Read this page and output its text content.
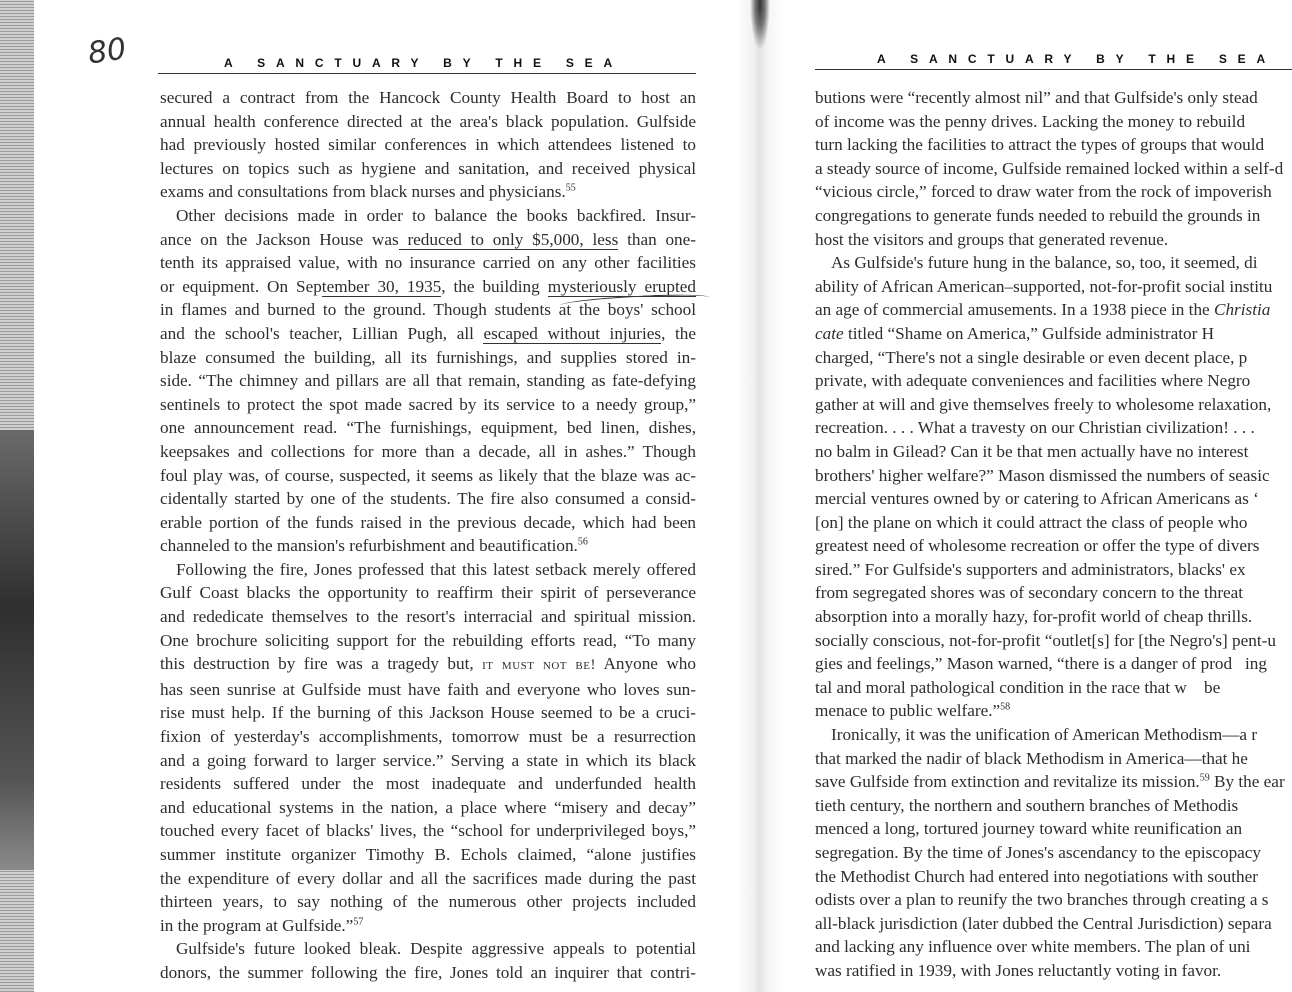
80	A SANCTUARY BY THE SEA	A SANCTUARY BY THE SEA

secured a contract from the Hancock County Health Board to host an

annual health conference directed at the area's black population. Gulfside

had previously hosted similar conferences in which attendees listened to

lectures on topics such as hygiene and sanitation, and received physical

exams and consultations from black nurses and physicians.$^{55}$

Other decisions made in order to balance the books backfired. Insur-

ance on the Jackson House was reduced to only $5,000, less than one-

tenth its appraised value, with no insurance carried on any other facilities

or equipment. On September 30, 1935, the building mysteriously erupted

in flames and burned to the ground. Though students at the boys' school

and the school's teacher, Lillian Pugh, all escaped without injuries, the

blaze consumed the building, all its furnishings, and supplies stored in-

side. “The chimney and pillars are all that remain, standing as fate-defying

sentinels to protect the spot made sacred by its service to a needy group,”

one announcement read. “The furnishings, equipment, bed linen, dishes,

keepsakes and collections for more than a decade, all in ashes.” Though

foul play was, of course, suspected, it seems as likely that the blaze was ac-

cidentally started by one of the students. The fire also consumed a consid-

erable portion of the funds raised in the previous decade, which had been

channeled to the mansion's refurbishment and beautification.$^{56}$

Following the fire, Jones professed that this latest setback merely offered

Gulf Coast blacks the opportunity to reaffirm their spirit of perseverance

and rededicate themselves to the resort's interracial and spiritual mission.

One brochure soliciting support for the rebuilding efforts read, “To many

this destruction by fire was a tragedy but, it must not be! Anyone who

has seen sunrise at Gulfside must have faith and everyone who loves sun-

rise must help. If the burning of this Jackson House seemed to be a cruci-

fixion of yesterday's accomplishments, tomorrow must be a resurrection

and a going forward to larger service.” Serving a state in which its black

residents suffered under the most inadequate and underfunded health

and educational systems in the nation, a place where “misery and decay”

touched every facet of blacks' lives, the “school for underprivileged boys,”

summer institute organizer Timothy B. Echols claimed, “alone justifies

the expenditure of every dollar and all the sacrifices made during the past

thirteen years, to say nothing of the numerous other projects included

in the program at Gulfside.”$^{57}$

Gulfside's future looked bleak. Despite aggressive appeals to potential

donors, the summer following the fire, Jones told an inquirer that contri-

butions were “recently almost nil” and that Gulfside's only stead

of income was the penny drives. Lacking the money to rebuild

turn lacking the facilities to attract the types of groups that would

a steady source of income, Gulfside remained locked within a self-d

“vicious circle,” forced to draw water from the rock of impoverish

congregations to generate funds needed to rebuild the grounds in

host the visitors and groups that generated revenue.

As Gulfside's future hung in the balance, so, too, it seemed, di

ability of African American–supported, not-for-profit social institu

an age of commercial amusements. In a 1938 piece in the Christia

cate titled “Shame on America,” Gulfside administrator H

charged, “There's not a single desirable or even decent place, p

private, with adequate conveniences and facilities where Negro

gather at will and give themselves freely to wholesome relaxation,

recreation. . . . What a travesty on our Christian civilization! . . .

no balm in Gilead? Can it be that men actually have no interest

brothers' higher welfare?” Mason dismissed the numbers of seasic

mercial ventures owned by or catering to African Americans as ‘

[on] the plane on which it could attract the class of people who

greatest need of wholesome recreation or offer the type of divers

sired.” For Gulfside's supporters and administrators, blacks' ex

from segregated shores was of secondary concern to the threat

absorption into a morally hazy, for-profit world of cheap thrills.

socially conscious, not-for-profit “outlet[s] for [the Negro's] pent-u

gies and feelings,” Mason warned, “there is a danger of prod ing

tal and moral pathological condition in the race that w be

menace to public welfare.”$^{58}$

Ironically, it was the unification of American Methodism—a r

that marked the nadir of black Methodism in America—that he

save Gulfside from extinction and revitalize its mission.$^{59}$ By the ear

tieth century, the northern and southern branches of Methodis

menced a long, tortured journey toward white reunification an

segregation. By the time of Jones's ascendancy to the episcopacy

the Methodist Church had entered into negotiations with souther

odists over a plan to reunify the two branches through creating a s

all-black jurisdiction (later dubbed the Central Jurisdiction) separa

and lacking any influence over white members. The plan of uni

was ratified in 1939, with Jones reluctantly voting in favor.
